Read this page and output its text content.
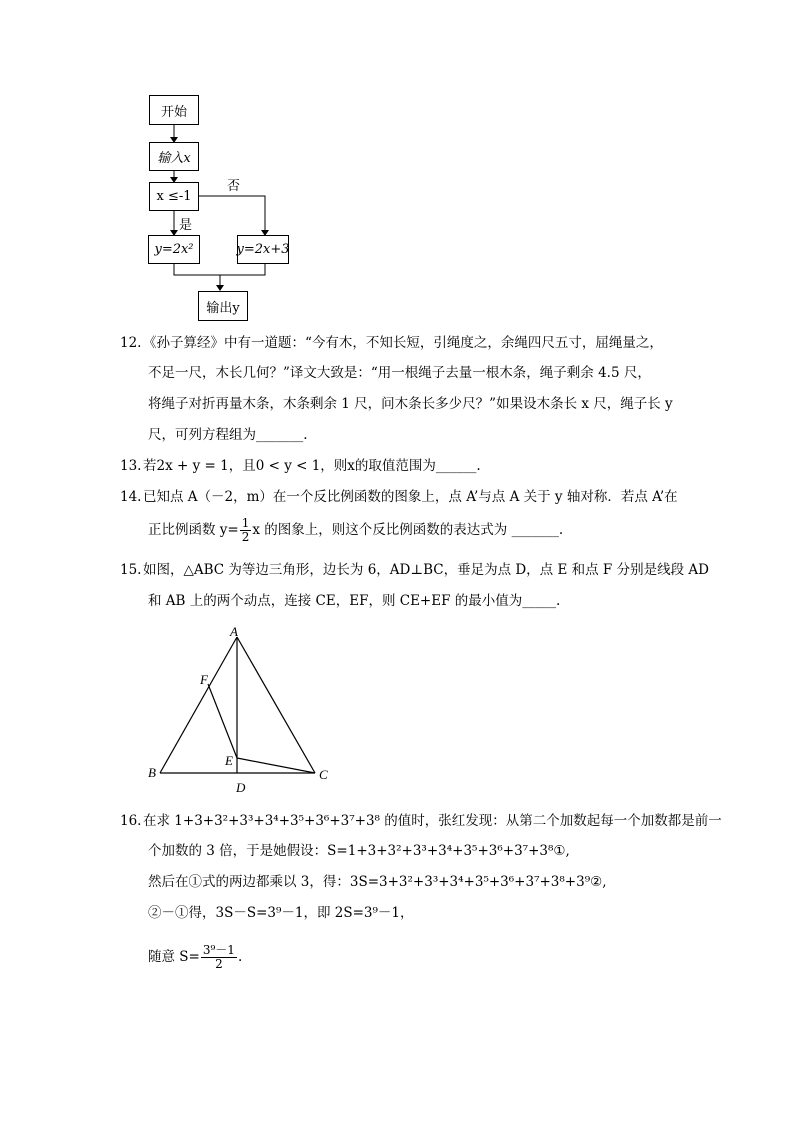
开始
输入x
x ≤-1
否
是
y=2x²	y=2x+3
输出y
12. 《孙子算经》中有一道题：“今有木，不知长短，引绳度之，余绳四尺五寸，屈绳量之，
不足一尺，木长几何？”译文大致是：“用一根绳子去量一根木条，绳子剩余 4.5 尺，
将绳子对折再量木条，木条剩余 1 尺，问木条长多少尺？”如果设木条长 x 尺，绳子长 y
尺，可列方程组为_______.
13. 若2x + y = 1，且0 < y < 1，则x的取值范围为______.
14. 已知点 A（－2，m）在一个反比例函数的图象上，点 A’与点 A 关于 y 轴对称．若点 A’在
正比例函数 $y= \frac{1}{2}$ x 的图象上，则这个反比例函数的表达式为 _______.
15. 如图，△ABC 为等边三角形，边长为 6，AD⊥BC，垂足为点 D，点 E 和点 F 分别是线段 AD
和 AB 上的两个动点，连接 CE，EF，则 CE+EF 的最小值为_____.
A
B	C
D
E
F
16. 在求 1+3+3²+3³+3⁴+3⁵+3⁶+3⁷+3⁸ 的值时，张红发现：从第二个加数起每一个加数都是前一
个加数的 3 倍，于是她假设：S=1+3+3²+3³+3⁴+3⁵+3⁶+3⁷+3⁸①,
然后在①式的两边都乘以 3，得：3S=3+3²+3³+3⁴+3⁵+3⁶+3⁷+3⁸+3⁹②,
②－①得，3S－S=3⁹－1，即 2S=3⁹－1，
随意 $S= \frac{\text{3⁹－1}}{2}$ .
